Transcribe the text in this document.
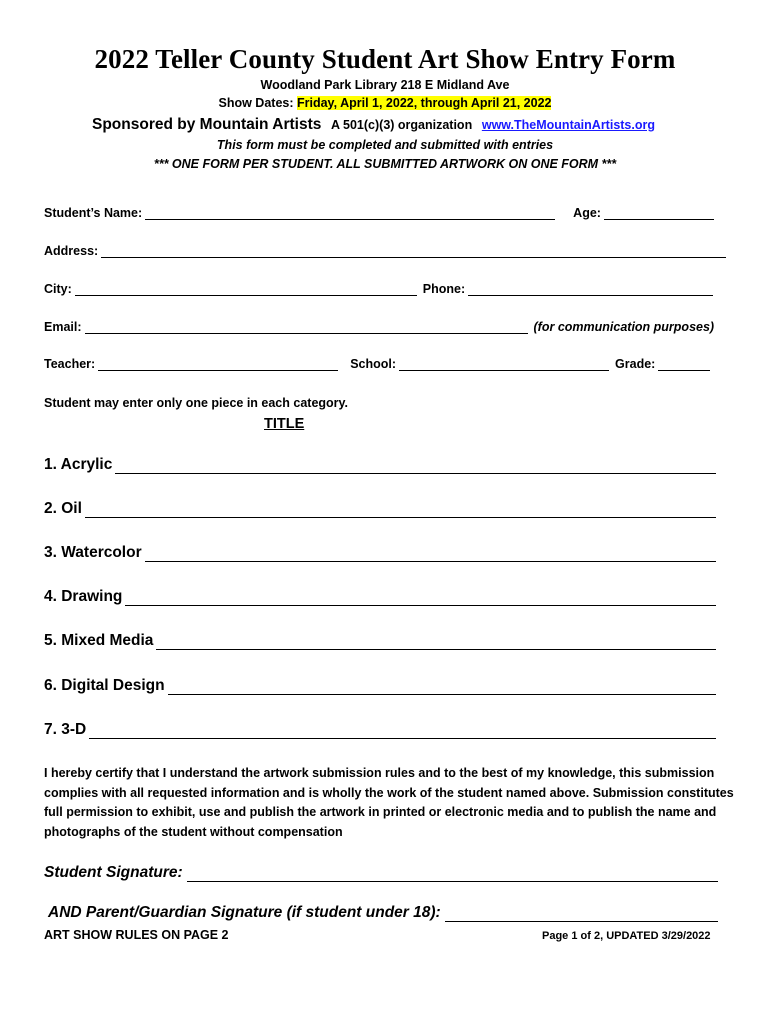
2022 Teller County Student Art Show Entry Form
Woodland Park Library 218 E Midland Ave
Show Dates: Friday, April 1, 2022, through April 21, 2022
Sponsored by Mountain Artists A 501(c)(3) organization www.TheMountainArtists.org
This form must be completed and submitted with entries
*** ONE FORM PER STUDENT. ALL SUBMITTED ARTWORK ON ONE FORM ***
Student’s Name:	Age:
Address:
City:	Phone:
Email:	(for communication purposes)
Teacher:	School:	Grade:
Student may enter only one piece in each category.
TITLE
1. Acrylic
2. Oil
3. Watercolor
4. Drawing
5. Mixed Media
6. Digital Design
7. 3-D
I hereby certify that I understand the artwork submission rules and to the best of my knowledge, this submission complies with all requested information and is wholly the work of the student named above. Submission constitutes full permission to exhibit, use and publish the artwork in printed or electronic media and to publish the name and photographs of the student without compensation
Student Signature:
AND Parent/Guardian Signature (if student under 18):
ART SHOW RULES ON PAGE 2	Page 1 of 2, UPDATED 3/29/2022
